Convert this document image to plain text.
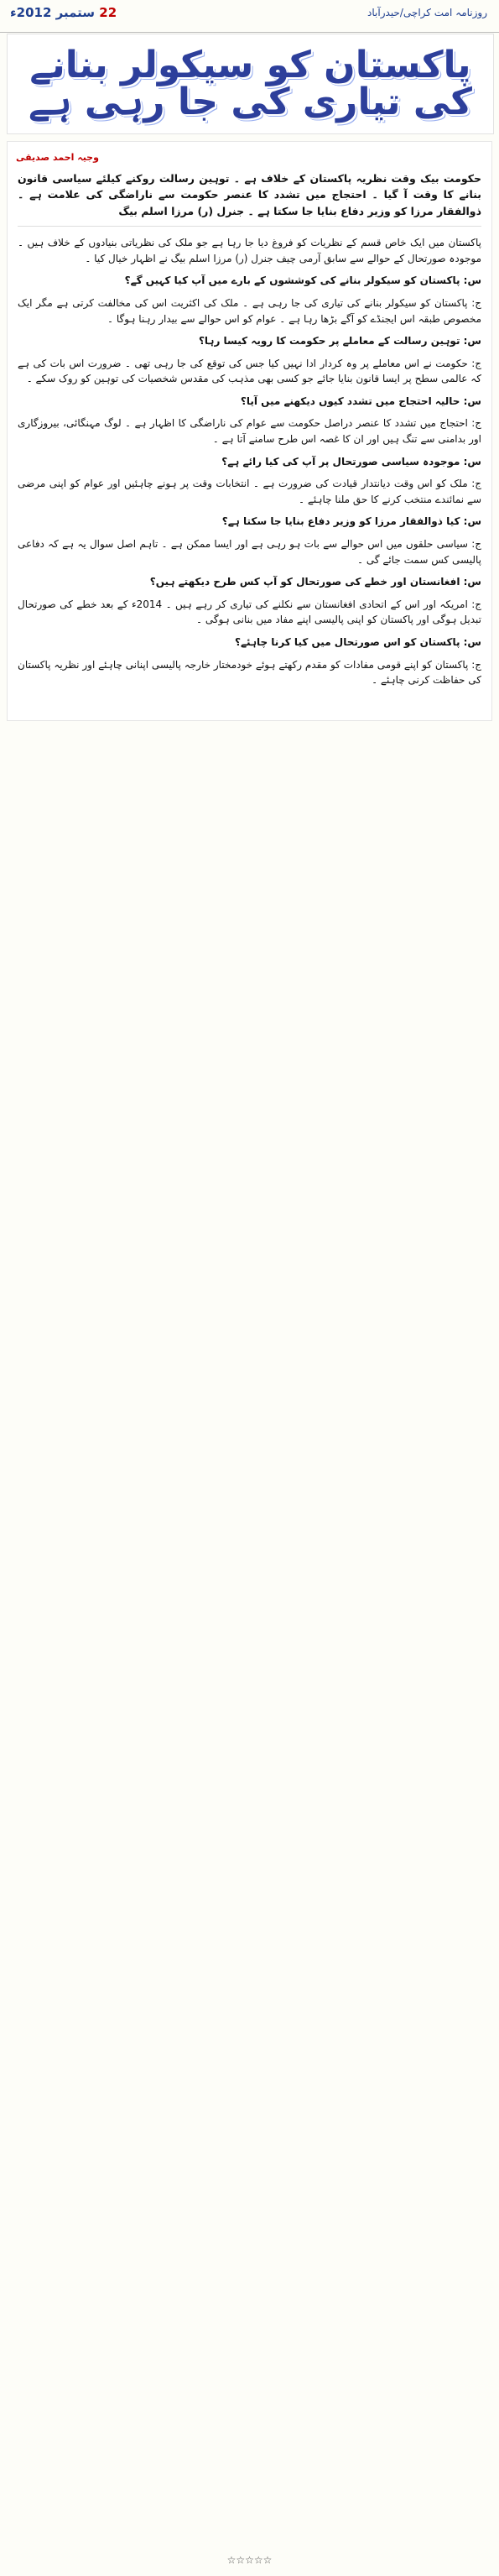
22 ستمبر 2012ء	روزنامہ امت کراچی/حیدرآباد
پاکستان کو سیکولر بنانے کی تیاری کی جا رہی ہے
وجیہ احمد صدیقی

حکومت بیک وقت نظریہ پاکستان کے خلاف ہے ۔ توہین رسالت روکنے کیلئے سیاسی قانون بنانے کا وقت آ گیا ۔ احتجاج میں تشدد کا عنصر حکومت سے ناراضگی کی علامت ہے ۔ ذوالفقار مرزا کو وزیر دفاع بنایا جا سکتا ہے ۔ جنرل (ر) مرزا اسلم بیگ

پاکستان میں ایک خاص قسم کے نظریات کو فروغ دیا جا رہا ہے جو ملک کی نظریاتی بنیادوں کے خلاف ہیں ۔ موجودہ صورتحال کے حوالے سے سابق آرمی چیف جنرل (ر) مرزا اسلم بیگ نے اظہار خیال کیا ۔

س: پاکستان کو سیکولر بنانے کی کوششوں کے بارے میں آپ کیا کہیں گے؟

ج: پاکستان کو سیکولر بنانے کی تیاری کی جا رہی ہے ۔ ملک کی اکثریت اس کی مخالفت کرتی ہے مگر ایک مخصوص طبقہ اس ایجنڈے کو آگے بڑھا رہا ہے ۔ عوام کو اس حوالے سے بیدار رہنا ہوگا ۔

س: توہین رسالت کے معاملے پر حکومت کا رویہ کیسا رہا؟

ج: حکومت نے اس معاملے پر وہ کردار ادا نہیں کیا جس کی توقع کی جا رہی تھی ۔ ضرورت اس بات کی ہے کہ عالمی سطح پر ایسا قانون بنایا جائے جو کسی بھی مذہب کی مقدس شخصیات کی توہین کو روک سکے ۔

س: حالیہ احتجاج میں تشدد کیوں دیکھنے میں آیا؟

ج: احتجاج میں تشدد کا عنصر دراصل حکومت سے عوام کی ناراضگی کا اظہار ہے ۔ لوگ مہنگائی، بیروزگاری اور بدامنی سے تنگ ہیں اور ان کا غصہ اس طرح سامنے آتا ہے ۔

س: موجودہ سیاسی صورتحال پر آپ کی کیا رائے ہے؟

ج: ملک کو اس وقت دیانتدار قیادت کی ضرورت ہے ۔ انتخابات وقت پر ہونے چاہئیں اور عوام کو اپنی مرضی سے نمائندے منتخب کرنے کا حق ملنا چاہئے ۔

س: کیا ذوالفقار مرزا کو وزیر دفاع بنایا جا سکتا ہے؟

ج: سیاسی حلقوں میں اس حوالے سے بات ہو رہی ہے اور ایسا ممکن ہے ۔ تاہم اصل سوال یہ ہے کہ دفاعی پالیسی کس سمت جائے گی ۔

س: افغانستان اور خطے کی صورتحال کو آپ کس طرح دیکھتے ہیں؟

ج: امریکہ اور اس کے اتحادی افغانستان سے نکلنے کی تیاری کر رہے ہیں ۔ 2014ء کے بعد خطے کی صورتحال تبدیل ہوگی اور پاکستان کو اپنی پالیسی اپنے مفاد میں بنانی ہوگی ۔

س: پاکستان کو اس صورتحال میں کیا کرنا چاہئے؟

ج: پاکستان کو اپنے قومی مفادات کو مقدم رکھتے ہوئے خودمختار خارجہ پالیسی اپنانی چاہئے اور نظریہ پاکستان کی حفاظت کرنی چاہئے ۔

☆☆☆☆☆
